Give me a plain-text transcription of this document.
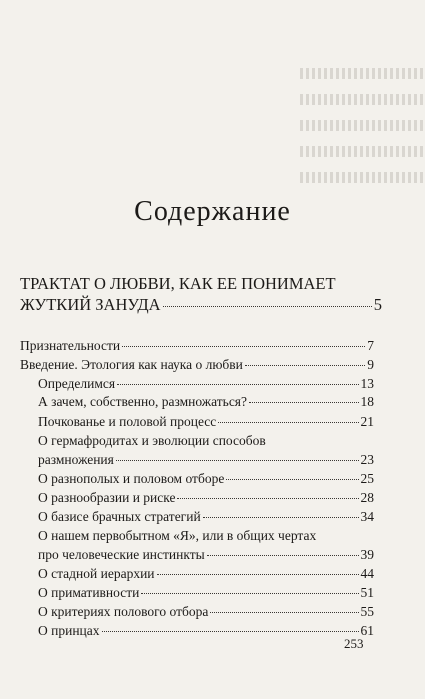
Содержание
ТРАКТАТ О ЛЮБВИ, КАК ЕЕ ПОНИМАЕТ
ЖУТКИЙ ЗАНУДА	5
Признательности	7
Введение. Этология как наука о любви	9
Определимся	13
А зачем, собственно, размножаться?	18
Почкованье и половой процесс	21
О гермафродитах и эволюции способов
размножения	23
О разнополых и половом отборе	25
О разнообразии и риске	28
О базисе брачных стратегий	34
О нашем первобытном «Я», или в общих чертах
про человеческие инстинкты	39
О стадной иерархии	44
О примативности	51
О критериях полового отбора	55
О принцах	61
253
